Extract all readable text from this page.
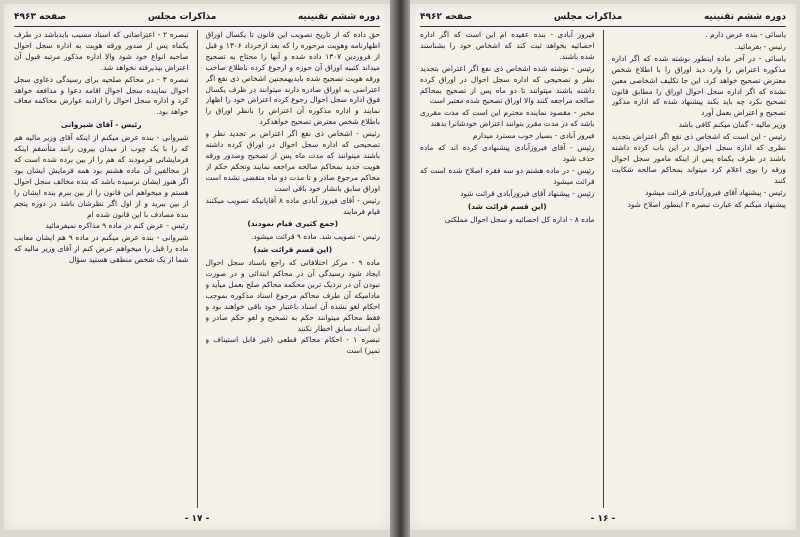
دوره ششم تقنینیه
مذاکرات مجلس
صفحه ۴۹۶۳

حق داده که از تاریخ تصویب این قانون تا یکسال اوراق اظهارنامه وهویت مرحوره را که بعد ازخرداد ۱۳۰۶ و قبل از فروردین ۱۳۰۷ داده شده و آنها را محتاج به تصحیح میداند کتبیه اوراق آن حوزه و ارجوع کرده باطلاع صاحب ورقه هویت تصحیح شده بایدیهمجنین اشخاص ذی نفع اگر اعتراضی به اوراق صادره دارند میتوانند در ظرف یکسال فوق اداره سجل احوال رجوع کرده اعتراض خود را اظهار نمایند و اداره مذکوره آن اعتراض را بانظر اوراق را باطلاع شخص معترض تصحیح خواهدکرد

رئیس - اشخاص ذی نفع اگر اعتراض بر تجدید نظر و تصحیحی که اداره سجل احوال در اوراق کرده داشته باشند میتوانند که مدت ماه پس از تصحیح وصدور ورقه هویت جدید بمحاکم صالحه مراجعه نمایند وتحکم حکم از محاکم مرجوع صادر و تا مدت دو ماه متقضی نشده است اوراق سابق بانشار خود باقی است

رئیس - آقای فیروز آبادی ماده ۸ آقایانیکه تصویب میکنند قیام فرمایند

(جمع کثیری قیام نمودند)

رئیس - تصویب شد. ماده ۹ قرائت میشود.

(این قسم قرائت شد)

ماده ۹ - مرکز اختلافاتی که راجع باسناد سجل احوال ایجاد شود رسیدگی آن در محاکم ابتدائی و در صورت نبودن آن در نزدیک ترین محکمه محاکم صلح بعمل میآید و مادامیکه آن طرف محاکم مرجوع اسناد مذکوره بموجب احکام لغو نشده آن اسناد باعتبار خود باقی خواهند بود و فقط محاکم میتوانند حکم به تصحیح و لغو حکم صادر و آن اسناد سابق اخطار نکنند

تبصره ۱ - احکام محاکم قطعی (غیر قابل استیناف و تمیز) است

تبصره ۲ - اعتراضاتی که اسناد مسبب بایدباشد در طرف یکماه پس از صدور ورقه هویت به اداره سجل احوال صاحبه انواع خود شود والا اداره مذکور مرتبه قبول آن اعتراض بپذیرفته نخواهد شد.

تبصره ۳ - در محاکم صلحیه برای رسیدگی دعاوی سجل احوال نماینده سجل احوال اقامه دعوا و مدافعه خواهد کرد و اداره سجل احوال را ازادیه عوارض محاکمه معاف خواهد بود.

رئیس - آقای شیروانی

شیروانی - بنده عرض میکنم از اینکه آقای وزیر مالیه هم که را با یک چوب از میدان بیرون رانند متأسفم اینکه فرمایشاتی فرمودند که هم را از بین برده شده است که از مخالفین آن ماده هشتم بود همه فرمایش ایشان بود اگر هنوز ایشان نرسیده باشد که بنده مخالف سجل احوال هستم و میخواهم این قانون را از بین ببرم بنده ایشان را از بین ببرید و از اول اگر نظرشان باشد در دوره پنجم بنده مصادف با این قانون شده ام

رئیس - عرض کنم در ماده ۹ مذاکره نمیفرمائید

شیروانی - بنده عرض میکنم در ماده ۹ هم ایشان معایب ماده را قبل را میخواهم عرض کنم از آقای وزیر مالیه که شما از یک شخص منطقی هستید سؤال

- ۱۷ -
دوره ششم تقنینیه
مذاکرات مجلس
صفحه ۴۹۶۲

یاسائی - بنده عرض دارم .

رئیس - بفرمائید.

یاسائی - در آخر ماده اینطور نوشته شده که اگر اداره مذکوره اعتراض را وارد دید اوراق را با اطلاع شخص معترض تصحیح خواهد کرد. این جا تکلیف اشخاصی معین نشده که اگر اداره سجل احوال اوراق را مطابق قانون تصحیح نکرد چه باید بکند پیشنهاد شده که اداره مذکور تصحیح و اعتراض بعمل آورد

وزیر مالیه - گمان میکنم کافی باشد

رئیس - این است که اشخاص ذی نفع اگر اعتراض بتجدید نظری که اداره سجل احوال در این باب کرده داشته باشند در ظرف یکماه پس از اینکه مامور سجل احوال ورقه را بوی اعلام کرد میتواند بمحاکم صالحه شکایت کنند

رئیس - پیشنهاد آقای فیروزآبادی قرائت میشود

پیشنهاد میکنم که عبارت تبصره ۲ اینطور اصلاح شود

فیروز آبادی - بنده عقیده ام این است که اگر اداره احصائیه بخواهد ثبت کند که اشخاص خود را بشناسند شده باشند.

رئیس - نوشته شده اشخاص ذی نفع اگر اعتراض بتجدید نظر و تصحیحی که اداره سجل احوال در اوراق کرده داشته باشند میتوانند تا دو ماه پس از تصحیح بمحاکم صالحه مراجعه کنند والا اوراق تصحیح شده معتبر است

مخبر - مقصود نماینده محترم این است که مدت مقرری باشد که در مدت مقرر بتوانند اعتراض خودشانرا بدهند

فیروز آبادی - بسیار خوب مسترد میدارم

رئیس - آقای فیروزآبادی پیشنهادی کرده اند که ماده حذف شود

رئیس - در ماده هشتم دو سه فقره اصلاح شده است که قرائت میشود

رئیس - پیشنهاد آقای فیروزآبادی قرائت شود

(این قسم قرائت شد)

ماده ۸ - اداره کل احصائیه و سجل احوال مملکتی

- ۱۶ -
